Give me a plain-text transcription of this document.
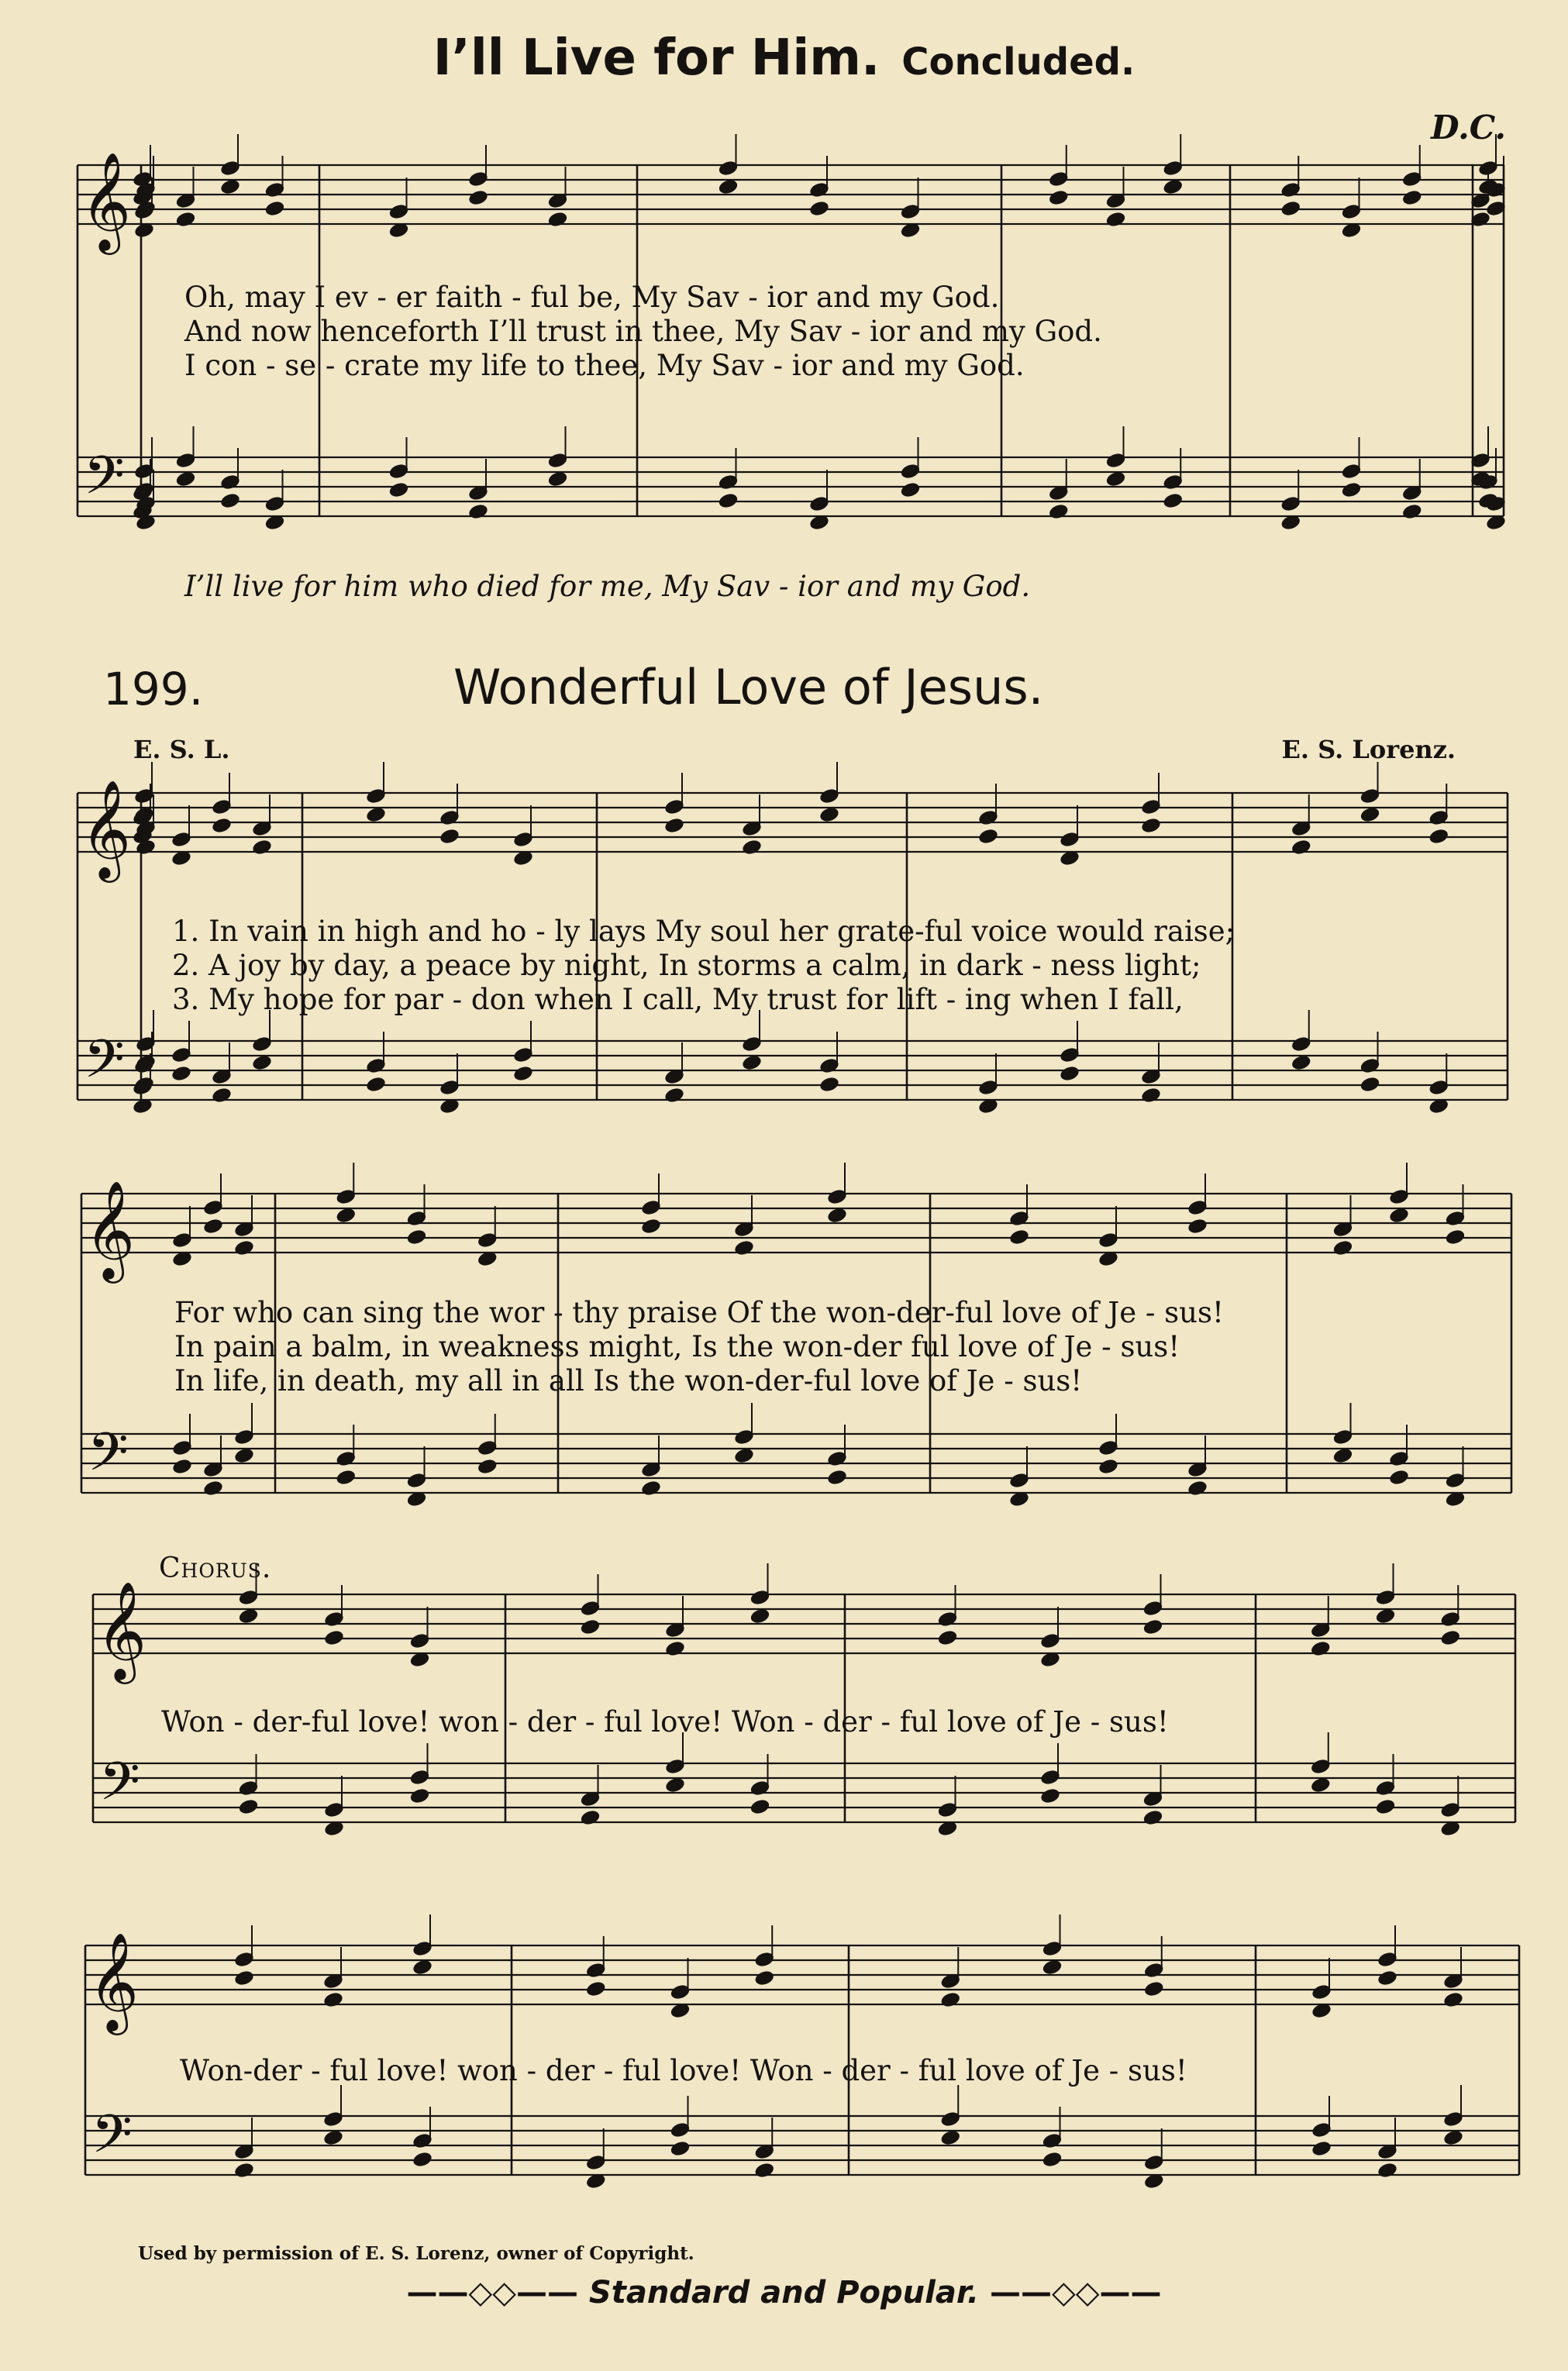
I’ll Live for Him. Concluded.
D.C.
𝄞
𝄢
𝄞
𝄢
𝄞
𝄢
𝄞
𝄢
𝄞
𝄢
Oh, may I ev - er faith - ful be, My Sav - ior and my God.
And now henceforth I’ll trust in thee, My Sav - ior and my God.
I con - se - crate my life to thee, My Sav - ior and my God.
I’ll live for him who died for me, My Sav - ior and my God.
199.	Wonderful Love of Jesus.
E. S. L.	E. S. Lorenz.
1. In vain in high and ho - ly lays My soul her grate-ful voice would raise;
2. A joy by day, a peace by night, In storms a calm, in dark - ness light;
3. My hope for par - don when I call, My trust for lift - ing when I fall,
For who can sing the wor - thy praise Of the won-der-ful love of Je - sus!
In pain a balm, in weakness might, Is the won-der ful love of Je - sus!
In life, in death, my all in all Is the won-der-ful love of Je - sus!
Chorus.
Won - der-ful love! won - der - ful love! Won - der - ful love of Je - sus!
Won-der - ful love! won - der - ful love! Won - der - ful love of Je - sus!
Used by permission of E. S. Lorenz, owner of Copyright.
——◇◇—— Standard and Popular. ——◇◇——
